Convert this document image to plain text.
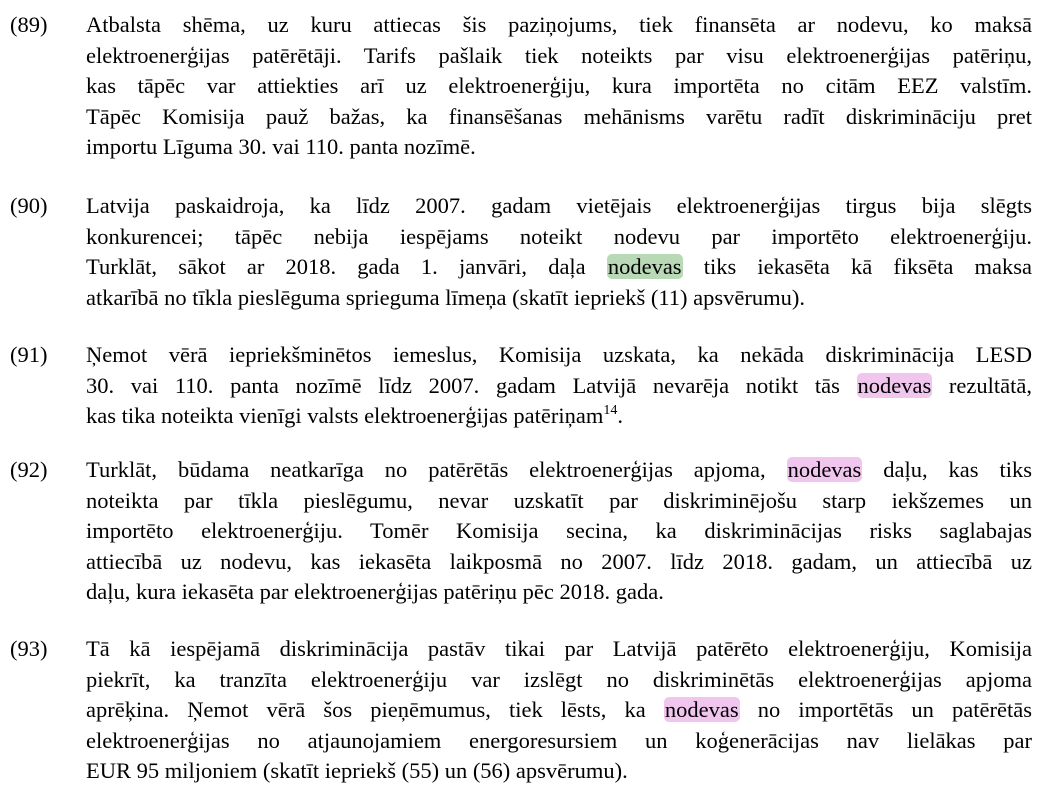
(89) Atbalsta shēma, uz kuru attiecas šis paziņojums, tiek finansēta ar nodevu, ko maksā
elektroenerģijas patērētāji. Tarifs pašlaik tiek noteikts par visu elektroenerģijas patēriņu,
kas tāpēc var attiekties arī uz elektroenerģiju, kura importēta no citām EEZ valstīm.
Tāpēc Komisija pauž bažas, ka finansēšanas mehānisms varētu radīt diskrimināciju pret
importu Līguma 30. vai 110. panta nozīmē.
(90) Latvija paskaidroja, ka līdz 2007. gadam vietējais elektroenerģijas tirgus bija slēgts
konkurencei; tāpēc nebija iespējams noteikt nodevu par importēto elektroenerģiju.
Turklāt, sākot ar 2018. gada 1. janvāri, daļa nodevas tiks iekasēta kā fiksēta maksa
atkarībā no tīkla pieslēguma sprieguma līmeņa (skatīt iepriekš (11) apsvērumu).
(91) Ņemot vērā iepriekšminētos iemeslus, Komisija uzskata, ka nekāda diskriminācija LESD
30. vai 110. panta nozīmē līdz 2007. gadam Latvijā nevarēja notikt tās nodevas rezultātā,
kas tika noteikta vienīgi valsts elektroenerģijas patēriņam$^{14}$.
(92) Turklāt, būdama neatkarīga no patērētās elektroenerģijas apjoma, nodevas daļu, kas tiks
noteikta par tīkla pieslēgumu, nevar uzskatīt par diskriminējošu starp iekšzemes un
importēto elektroenerģiju. Tomēr Komisija secina, ka diskriminācijas risks saglabajas
attiecībā uz nodevu, kas iekasēta laikposmā no 2007. līdz 2018. gadam, un attiecībā uz
daļu, kura iekasēta par elektroenerģijas patēriņu pēc 2018. gada.
(93) Tā kā iespējamā diskriminācija pastāv tikai par Latvijā patērēto elektroenerģiju, Komisija
piekrīt, ka tranzīta elektroenerģiju var izslēgt no diskriminētās elektroenerģijas apjoma
aprēķina. Ņemot vērā šos pieņēmumus, tiek lēsts, ka nodevas no importētās un patērētās
elektroenerģijas no atjaunojamiem energoresursiem un koģenerācijas nav lielākas par
EUR 95 miljoniem (skatīt iepriekš (55) un (56) apsvērumu).
